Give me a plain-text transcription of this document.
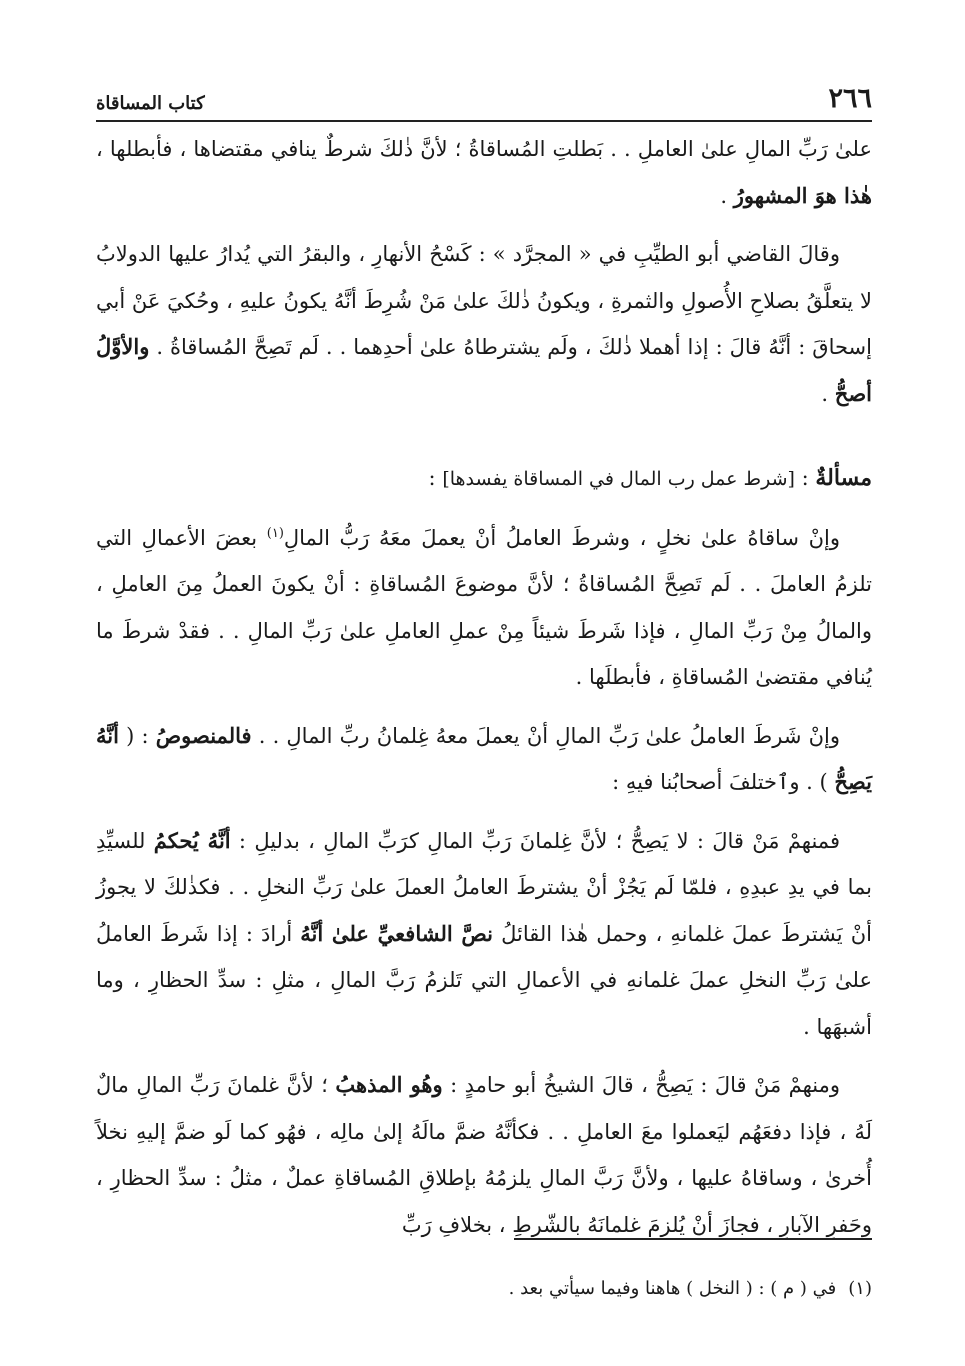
٢٦٦
كتاب المساقاة

علىٰ رَبِّ المالِ علىٰ العاملِ . . بَطلتِ المُساقاةُ ؛ لأنَّ ذٰلكَ شرطٌ ينافي مقتضاها ، فأبطلها ، هٰذا هوَ المشهورُ .

وقالَ القاضي أبو الطيِّبِ في « المجرَّد » : كَسْحُ الأنهارِ ، والبقرُ التي يُدارُ عليها الدولابُ لا يتعلَّقُ بصلاحِ الأُصولِ والثمرةِ ، ويكونُ ذٰلكَ علىٰ مَنْ شُرِطَ أنَّهُ يكونُ عليهِ ، وحُكيَ عَنْ أبي إسحاقَ : أنَّهُ قالَ : إذا أهملا ذٰلكَ ، ولَم يشترطاهُ علىٰ أحدِهما . . لَم تَصِحَّ المُساقاةُ . والأوَّلُ أصحُّ .

مسألةٌ : [شرط عمل رب المال في المساقاة يفسدها] :

وإنْ ساقاهُ علىٰ نخلٍ ، وشرطَ العاملُ أنْ يعملَ معَهُ رَبُّ المالِ$^{(١)}$ بعضَ الأعمالِ التي تلزمُ العاملَ . . لَم تَصِحَّ المُساقاةُ ؛ لأنَّ موضوعَ المُساقاةِ : أنْ يكونَ العملُ مِنَ العاملِ ، والمالُ مِنْ رَبِّ المالِ ، فإذا شَرطَ شيئاً مِنْ عملِ العاملِ علىٰ رَبِّ المالِ . . فقدْ شرطَ ما يُنافي مقتضىٰ المُساقاةِ ، فأبطلَها .

وإنْ شَرطَ العاملُ علىٰ رَبِّ المالِ أنْ يعملَ معهُ غِلمانُ ربِّ المالِ . . فالمنصوصُ : ( أنَّهُ يَصِحُّ ) . وٱختلفَ أصحابُنا فيهِ :

فمنهمْ مَنْ قالَ : لا يَصِحُّ ؛ لأنَّ غِلمانَ رَبِّ المالِ كرَبِّ المالِ ، بدليلِ : أنَّهُ يُحكمُ للسيِّدِ بما في يدِ عبدِهِ ، فلمّا لَم يَجُزْ أنْ يشترطَ العاملُ العملَ علىٰ رَبِّ النخلِ . . فكذٰلكَ لا يجوزُ أنْ يَشترطَ عملَ غلمانهِ ، وحمل هٰذا القائلُ نصَّ الشافعيِّ علىٰ أنَّهُ أرادَ : إذا شَرطَ العاملُ علىٰ رَبِّ النخلِ عملَ غلمانهِ في الأعمالِ التي تَلزمُ رَبَّ المالِ ، مثلِ : سدِّ الحظارِ ، وما أشبهَها .

ومنهمْ مَنْ قالَ : يَصِحُّ ، قالَ الشيخُ أبو حامدٍ : وهُو المذهبُ ؛ لأنَّ غلمانَ رَبِّ المالِ مالٌ لَهُ ، فإذا دفعَهُم ليَعملوا معَ العاملِ . . فكأنَّهُ ضمَّ مالَهُ إلىٰ مالِه ، فهُو كما لَو ضمَّ إليهِ نخلاً أُخرىٰ ، وساقاهُ عليها ، ولأنَّ رَبَّ المالِ يلزمُهُ بإطلاقِ المُساقاةِ عملٌ ، مثلُ : سدِّ الحظارِ ، وحَفرِ الآبارِ ، فجازَ أنْ يُلزمَ غلمانَهُ بالشّرطِ ، بخلافِ رَبِّ

(١)في ( م ) : ( النخل ) هاهنا وفيما سيأتي بعد .
